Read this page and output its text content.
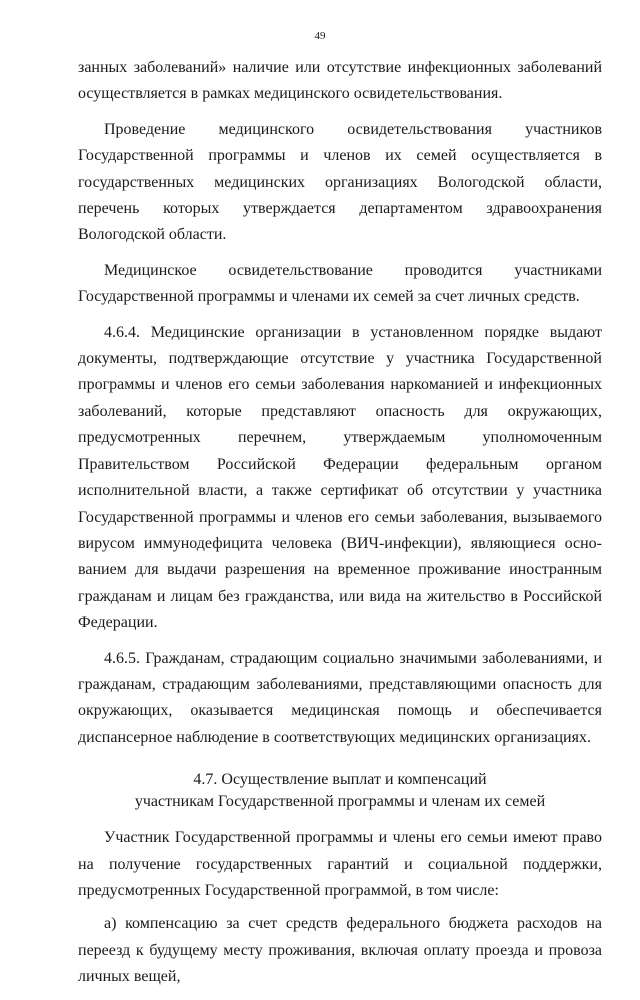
49

занных заболеваний» наличие или отсутствие инфекционных заболеваний осуществляется в рамках медицинского освидетельствования.

Проведение медицинского освидетельствования участников Государственной программы и членов их семей осуществляется в государственных медицинских организациях Вологодской области, перечень которых утверждается департаментом здравоохранения Вологодской области.

Медицинское освидетельствование проводится участниками Государственной программы и членами их семей за счет личных средств.

4.6.4. Медицинские организации в установленном порядке выдают документы, подтверждающие отсутствие у участника Государственной программы и членов его семьи заболевания наркоманией и инфекционных заболеваний, которые представляют опасность для окружающих, предусмотренных перечнем, утверждаемым уполномоченным Правительством Российской Федерации федеральным органом исполнительной власти, а также сертификат об отсутствии у участника Государственной программы и членов его семьи заболевания, вызываемого вирусом иммунодефицита человека (ВИЧ-инфекции), являющиеся основанием для выдачи разрешения на временное проживание иностранным гражданам и лицам без гражданства, или вида на жительство в Российской Федерации.

4.6.5. Гражданам, страдающим социально значимыми заболеваниями, и гражданам, страдающим заболеваниями, представляющими опасность для окружающих, оказывается медицинская помощь и обеспечивается диспансерное наблюдение в соответствующих медицинских организациях.

4.7. Осуществление выплат и компенсаций
участникам Государственной программы и членам их семей

Участник Государственной программы и члены его семьи имеют право на получение государственных гарантий и социальной поддержки, предусмотренных Государственной программой, в том числе:

а) компенсацию за счет средств федерального бюджета расходов на переезд к будущему месту проживания, включая оплату проезда и провоза личных вещей,
